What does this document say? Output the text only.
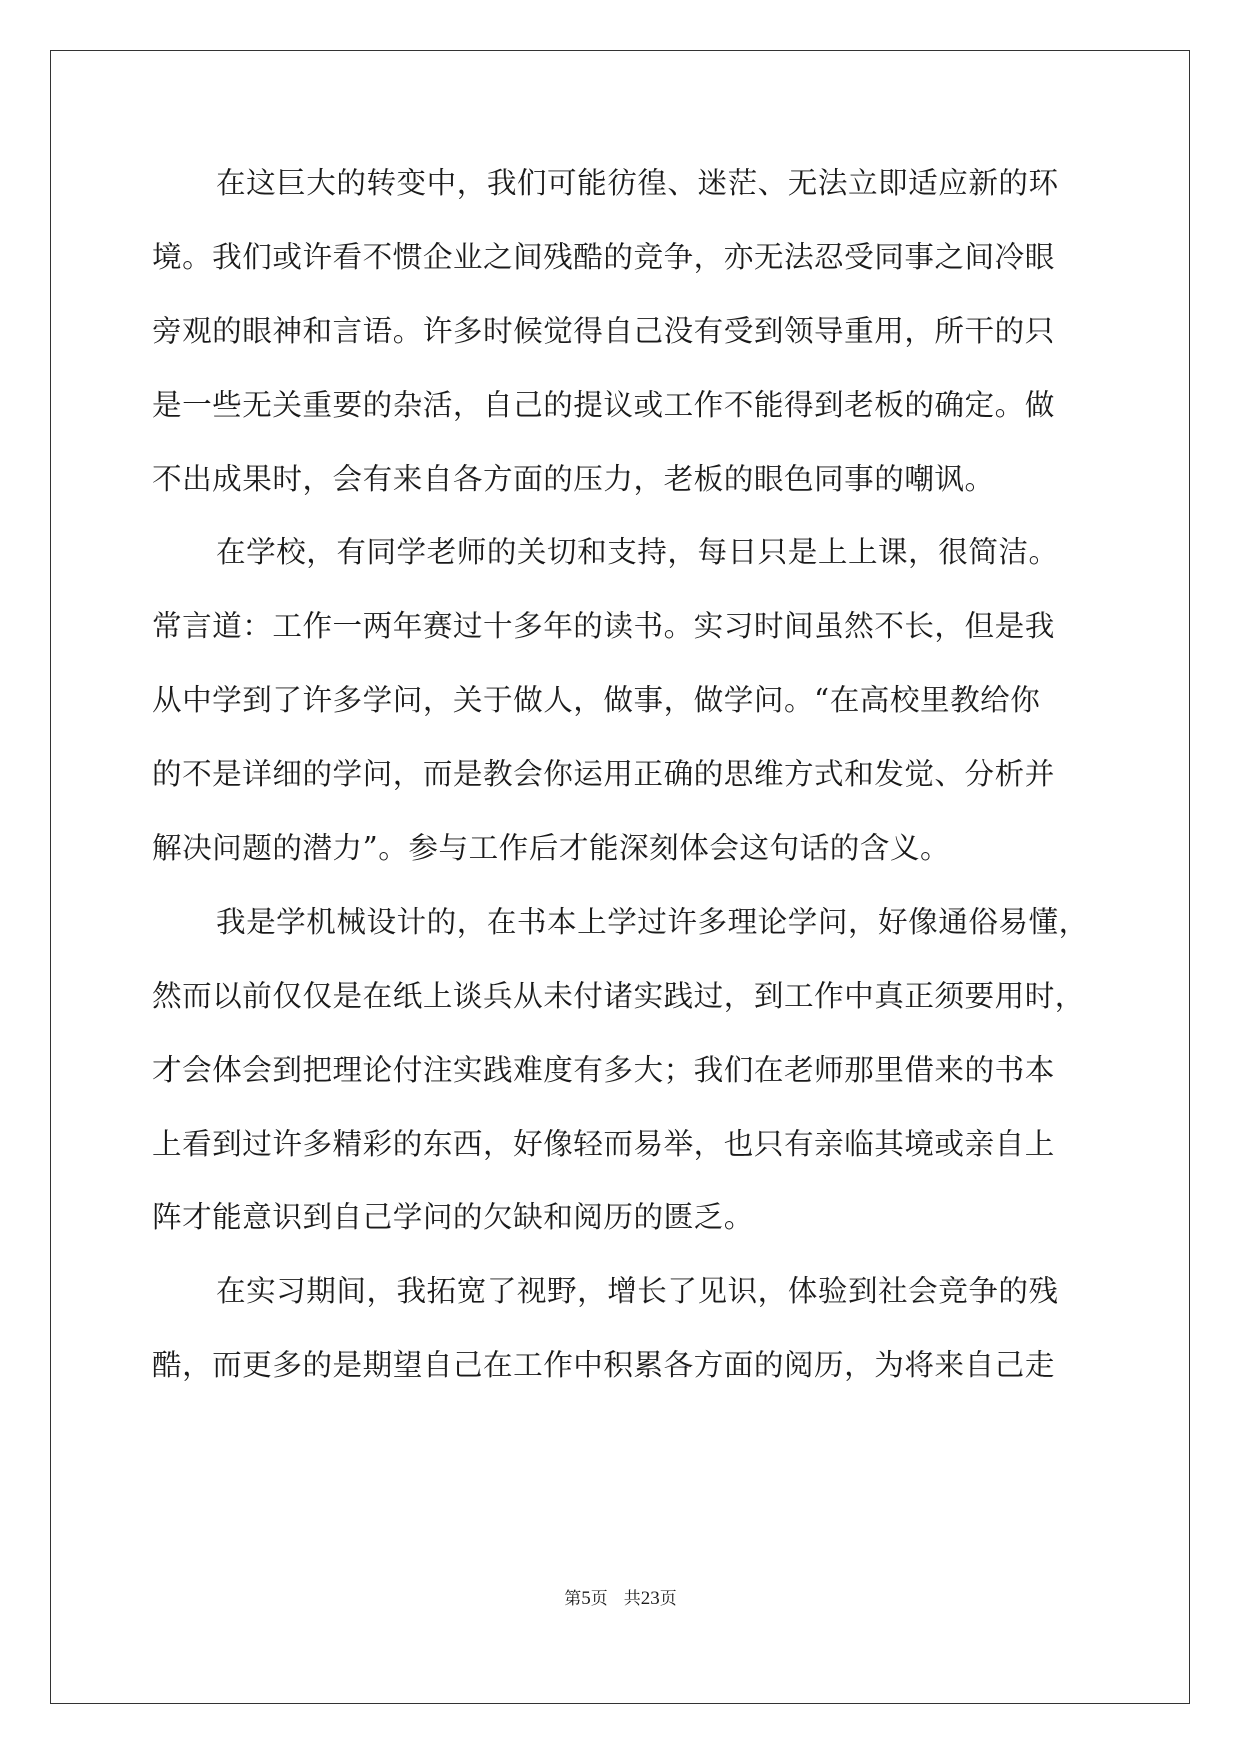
在这巨大的转变中，我们可能彷徨、迷茫、无法立即适应新的环
境。我们或许看不惯企业之间残酷的竞争，亦无法忍受同事之间冷眼
旁观的眼神和言语。许多时候觉得自己没有受到领导重用，所干的只
是一些无关重要的杂活，自己的提议或工作不能得到老板的确定。做
不出成果时，会有来自各方面的压力，老板的眼色同事的嘲讽。
在学校，有同学老师的关切和支持，每日只是上上课，很简洁。
常言道：工作一两年赛过十多年的读书。实习时间虽然不长，但是我
从中学到了许多学问，关于做人，做事，做学问。“在高校里教给你
的不是详细的学问，而是教会你运用正确的思维方式和发觉、分析并
解决问题的潜力”。参与工作后才能深刻体会这句话的含义。
我是学机械设计的，在书本上学过许多理论学问，好像通俗易懂，
然而以前仅仅是在纸上谈兵从未付诸实践过，到工作中真正须要用时，
才会体会到把理论付注实践难度有多大；我们在老师那里借来的书本
上看到过许多精彩的东西，好像轻而易举，也只有亲临其境或亲自上
阵才能意识到自己学问的欠缺和阅历的匮乏。
在实习期间，我拓宽了视野，增长了见识，体验到社会竞争的残
酷，而更多的是期望自己在工作中积累各方面的阅历，为将来自己走
第5页 共23页
